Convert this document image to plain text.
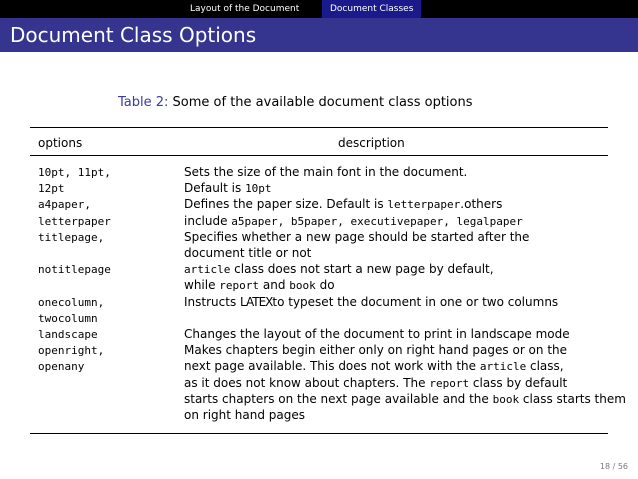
Layout of the Document	Document Classes
Document Class Options
Table 2: Some of the available document class options
options	description
10pt, 11pt,	Sets the size of the main font in the document.
12pt	Default is 10pt
a4paper,	Defines the paper size. Default is letterpaper.others
letterpaper	include a5paper, b5paper, executivepaper, legalpaper
titlepage,	Specifies whether a new page should be started after the
document title or not
notitlepage	article class does not start a new page by default,
while report and book do
onecolumn,	Instructs LATEXto typeset the document in one or two columns
twocolumn
landscape	Changes the layout of the document to print in landscape mode
openright,	Makes chapters begin either only on right hand pages or on the
openany	next page available. This does not work with the article class,
as it does not know about chapters. The report class by default
starts chapters on the next page available and the book class starts them
on right hand pages
18 / 56
